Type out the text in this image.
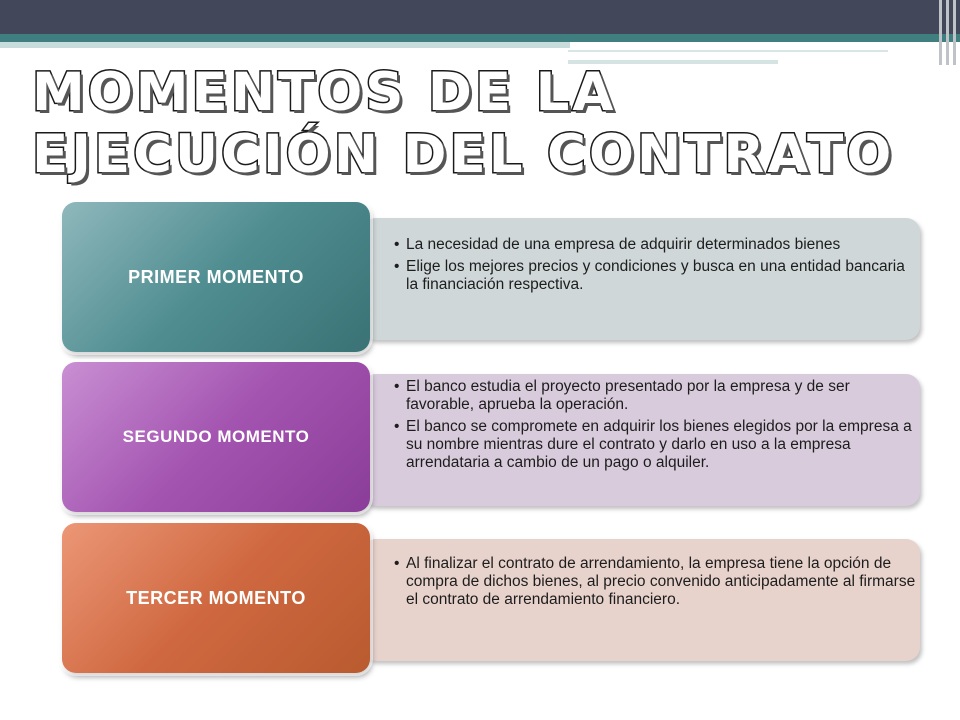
MOMENTOS DE LA
EJECUCIÓN DEL CONTRATO
• La necesidad de una empresa de adquirir determinados bienes
• Elige los mejores precios y condiciones y busca en una entidad bancaria la financiación respectiva.
PRIMER MOMENTO
• El banco estudia el proyecto presentado por la empresa y de ser favorable, aprueba la operación.
• El banco se compromete en adquirir los bienes elegidos por la empresa a su nombre mientras dure el contrato y darlo en uso a la empresa arrendataria a cambio de un pago o alquiler.
SEGUNDO MOMENTO
• Al finalizar el contrato de arrendamiento, la empresa tiene la opción de compra de dichos bienes, al precio convenido anticipadamente al firmarse el contrato de arrendamiento financiero.
TERCER MOMENTO
